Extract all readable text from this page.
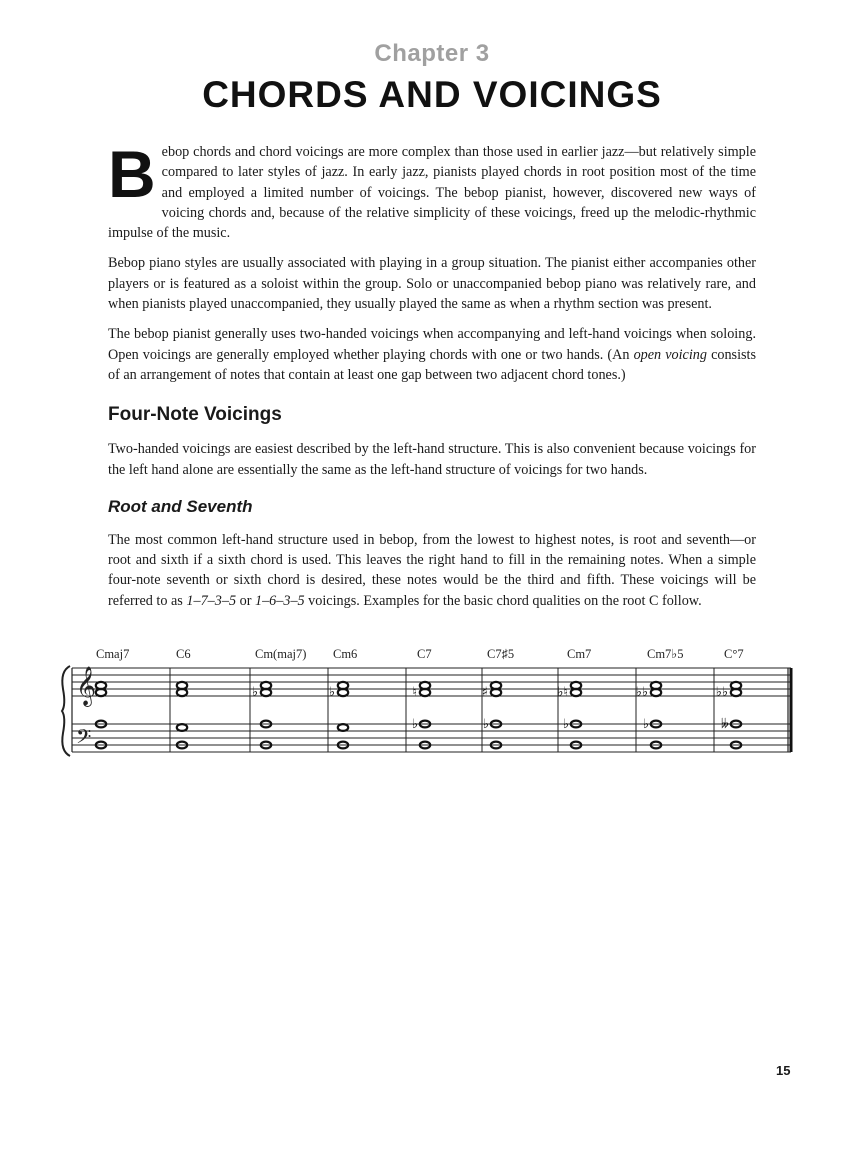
Chapter 3
CHORDS AND VOICINGS

Bebop chords and chord voicings are more complex than those used in earlier jazz—but relatively simple compared to later styles of jazz. In early jazz, pianists played chords in root position most of the time and employed a limited number of voicings. The bebop pianist, however, discovered new ways of voicing chords and, because of the relative simplicity of these voicings, freed up the melodic-rhythmic impulse of the music.

Bebop piano styles are usually associated with playing in a group situation. The pianist either accompanies other players or is featured as a soloist within the group. Solo or unaccompanied bebop piano was relatively rare, and when pianists played unaccompanied, they usually played the same as when a rhythm section was present.

The bebop pianist generally uses two-handed voicings when accompanying and left-hand voicings when soloing. Open voicings are generally employed whether playing chords with one or two hands. (An open voicing consists of an arrangement of notes that contain at least one gap between two adjacent chord tones.)

Four-Note Voicings

Two-handed voicings are easiest described by the left-hand structure. This is also convenient because voicings for the left hand alone are essentially the same as the left-hand structure of voicings for two hands.

Root and Seventh

The most common left-hand structure used in bebop, from the lowest to highest notes, is root and seventh—or root and sixth if a sixth chord is used. This leaves the right hand to fill in the remaining notes. When a simple four-note seventh or sixth chord is desired, these notes would be the third and fifth. These voicings will be referred to as 1–7–3–5 or 1–6–3–5 voicings. Examples for the basic chord qualities on the root C follow.

𝄞
𝄢
Cmaj7	C6	Cm(maj7)
♭
Cm6
♭
C7
♮
♭
C7♯5
♯
♭
Cm7
♭♮
♭
Cm7♭5
♭♭
♭
C°7
♭♭
𝄫
15
